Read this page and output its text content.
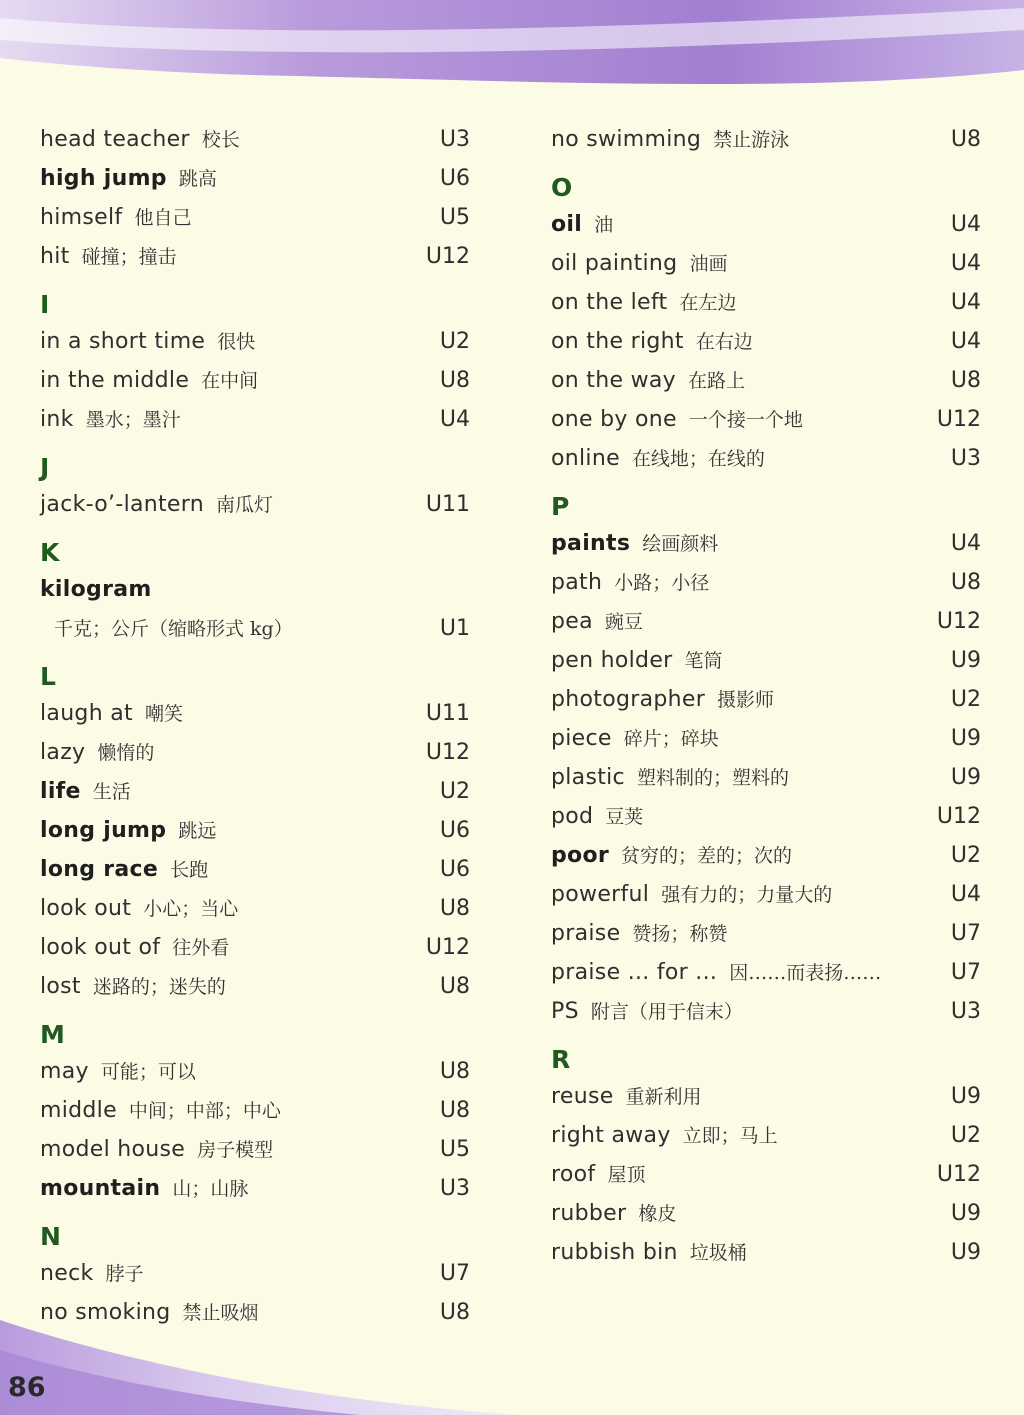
head teacher 校长	U3
high jump 跳高	U6
himself 他自己	U5
hit 碰撞；撞击	U12
I
in a short time 很快	U2
in the middle 在中间	U8
ink 墨水；墨汁	U4
J
jack-o’-lantern 南瓜灯	U11
K
kilogram
千克；公斤（缩略形式 kg）	U1
L
laugh at 嘲笑	U11
lazy 懒惰的	U12
life 生活	U2
long jump 跳远	U6
long race 长跑	U6
look out 小心；当心	U8
look out of 往外看	U12
lost 迷路的；迷失的	U8
M
may 可能；可以	U8
middle 中间；中部；中心	U8
model house 房子模型	U5
mountain 山；山脉	U3
N
neck 脖子	U7
no smoking 禁止吸烟	U8
no swimming 禁止游泳	U8
O
oil 油	U4
oil painting 油画	U4
on the left 在左边	U4
on the right 在右边	U4
on the way 在路上	U8
one by one 一个接一个地	U12
online 在线地；在线的	U3
P
paints 绘画颜料	U4
path 小路；小径	U8
pea 豌豆	U12
pen holder 笔筒	U9
photographer 摄影师	U2
piece 碎片；碎块	U9
plastic 塑料制的；塑料的	U9
pod 豆荚	U12
poor 贫穷的；差的；次的	U2
powerful 强有力的；力量大的	U4
praise 赞扬；称赞	U7
praise ... for ... 因……而表扬……	U7
PS 附言（用于信末）	U3
R
reuse 重新利用	U9
right away 立即；马上	U2
roof 屋顶	U12
rubber 橡皮	U9
rubbish bin 垃圾桶	U9
86
